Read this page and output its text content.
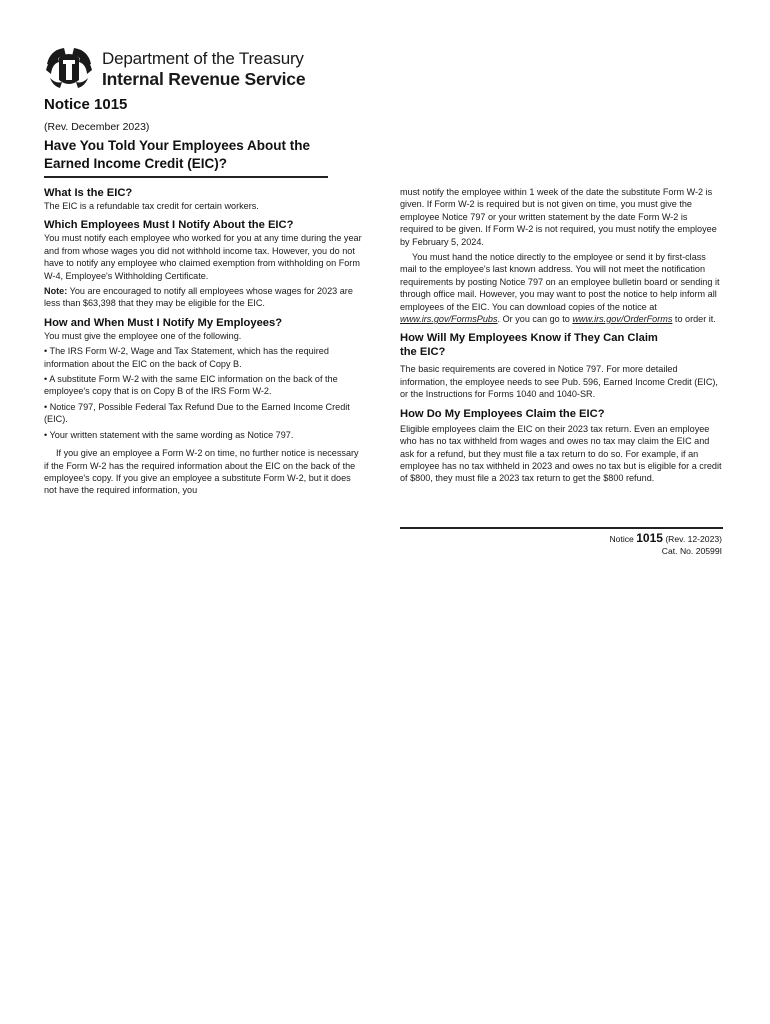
Department of the Treasury
Internal Revenue Service
Notice 1015
(Rev. December 2023)
Have You Told Your Employees About the Earned Income Credit (EIC)?

What Is the EIC?

The EIC is a refundable tax credit for certain workers.

Which Employees Must I Notify About the EIC?

You must notify each employee who worked for you at any time during the year and from whose wages you did not withhold income tax. However, you do not have to notify any employee who claimed exemption from withholding on Form W-4, Employee's Withholding Certificate.

Note: You are encouraged to notify all employees whose wages for 2023 are less than $63,398 that they may be eligible for the EIC.

How and When Must I Notify My Employees?

You must give the employee one of the following.

• The IRS Form W-2, Wage and Tax Statement, which has the required information about the EIC on the back of Copy B.

• A substitute Form W-2 with the same EIC information on the back of the employee's copy that is on Copy B of the IRS Form W-2.

• Notice 797, Possible Federal Tax Refund Due to the Earned Income Credit (EIC).

• Your written statement with the same wording as Notice 797.

If you give an employee a Form W-2 on time, no further notice is necessary if the Form W-2 has the required information about the EIC on the back of the employee's copy. If you give an employee a substitute Form W-2, but it does not have the required information, you

must notify the employee within 1 week of the date the substitute Form W-2 is given. If Form W-2 is required but is not given on time, you must give the employee Notice 797 or your written statement by the date Form W-2 is required to be given. If Form W-2 is not required, you must notify the employee by February 5, 2024.

You must hand the notice directly to the employee or send it by first-class mail to the employee's last known address. You will not meet the notification requirements by posting Notice 797 on an employee bulletin board or sending it through office mail. However, you may want to post the notice to help inform all employees of the EIC. You can download copies of the notice at www.irs.gov/FormsPubs. Or you can go to www.irs.gov/OrderForms to order it.

How Will My Employees Know if They Can Claim the EIC?

The basic requirements are covered in Notice 797. For more detailed information, the employee needs to see Pub. 596, Earned Income Credit (EIC), or the Instructions for Forms 1040 and 1040-SR.

How Do My Employees Claim the EIC?

Eligible employees claim the EIC on their 2023 tax return. Even an employee who has no tax withheld from wages and owes no tax may claim the EIC and ask for a refund, but they must file a tax return to do so. For example, if an employee has no tax withheld in 2023 and owes no tax but is eligible for a credit of $800, they must file a 2023 tax return to get the $800 refund.

Notice 1015 (Rev. 12-2023)
Cat. No. 20599I
